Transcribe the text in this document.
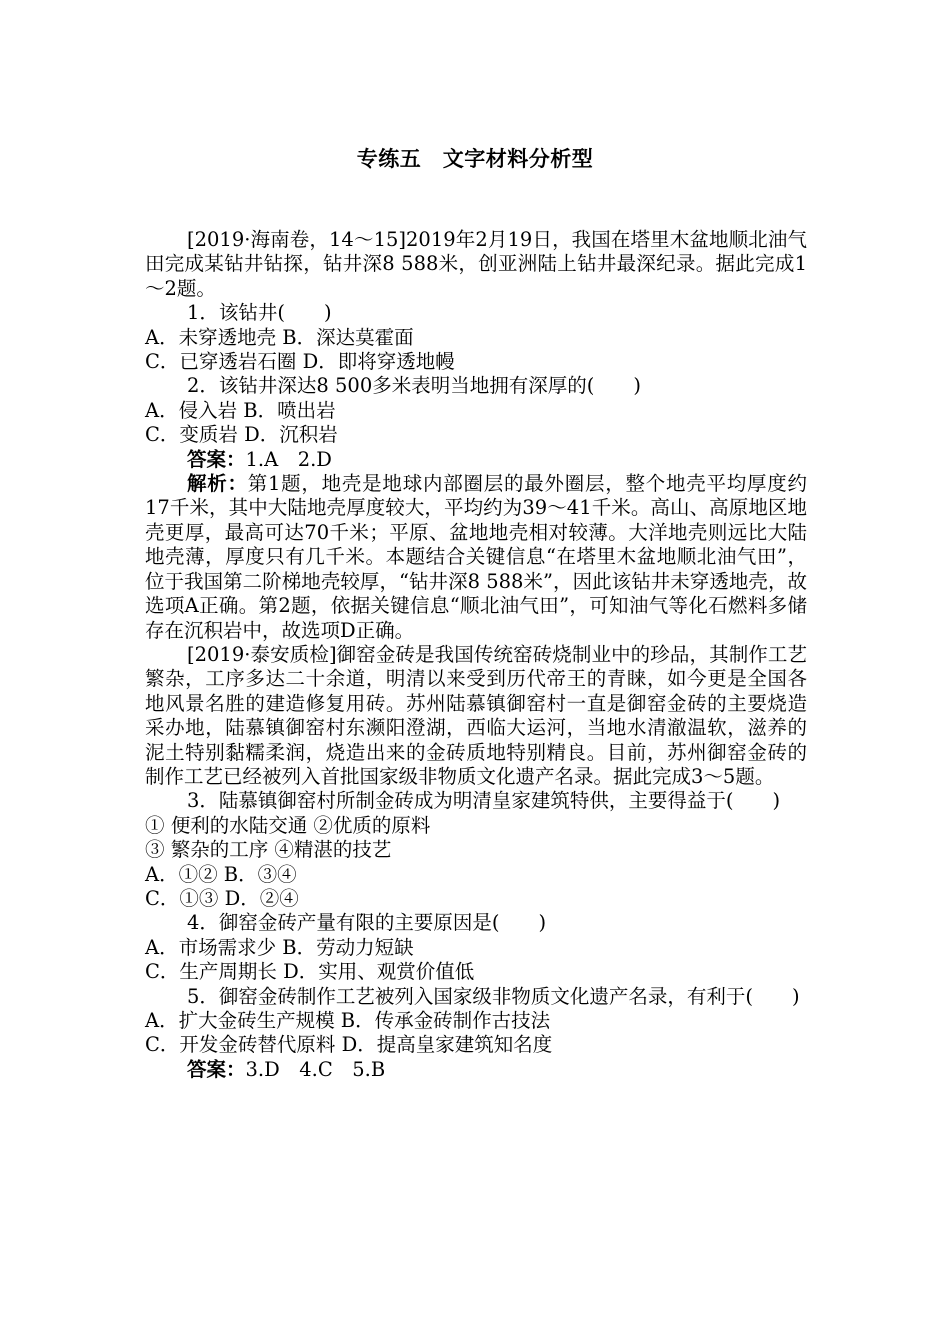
专练五　文字材料分析型

[2019·海南卷，14～15]2019年2月19日，我国在塔里木盆地顺北油气田完成某钻井钻探，钻井深8 588米，创亚洲陆上钻井最深纪录。据此完成1～2题。

1．该钻井(　　)

A．未穿透地壳 B．深达莫霍面

C．已穿透岩石圈 D．即将穿透地幔

2．该钻井深达8 500多米表明当地拥有深厚的(　　)

A．侵入岩 B．喷出岩

C．变质岩 D．沉积岩

答案：1.A　2.D

解析：第1题，地壳是地球内部圈层的最外圈层，整个地壳平均厚度约17千米，其中大陆地壳厚度较大，平均约为39～41千米。高山、高原地区地壳更厚，最高可达70千米；平原、盆地地壳相对较薄。大洋地壳则远比大陆地壳薄，厚度只有几千米。本题结合关键信息“在塔里木盆地顺北油气田”，位于我国第二阶梯地壳较厚，“钻井深8 588米”，因此该钻井未穿透地壳，故选项A正确。第2题，依据关键信息“顺北油气田”，可知油气等化石燃料多储存在沉积岩中，故选项D正确。

[2019·泰安质检]御窑金砖是我国传统窑砖烧制业中的珍品，其制作工艺繁杂，工序多达二十余道，明清以来受到历代帝王的青睐，如今更是全国各地风景名胜的建造修复用砖。苏州陆慕镇御窑村一直是御窑金砖的主要烧造采办地，陆慕镇御窑村东濒阳澄湖，西临大运河，当地水清澈温软，滋养的泥土特别黏糯柔润，烧造出来的金砖质地特别精良。目前，苏州御窑金砖的制作工艺已经被列入首批国家级非物质文化遗产名录。据此完成3～5题。

3．陆慕镇御窑村所制金砖成为明清皇家建筑特供，主要得益于(　　)

① 便利的水陆交通 ②优质的原料

③ 繁杂的工序 ④精湛的技艺

A．①② B．③④

C．①③ D．②④

4．御窑金砖产量有限的主要原因是(　　)

A．市场需求少 B．劳动力短缺

C．生产周期长 D．实用、观赏价值低

5．御窑金砖制作工艺被列入国家级非物质文化遗产名录，有利于(　　)

A．扩大金砖生产规模 B．传承金砖制作古技法

C．开发金砖替代原料 D．提高皇家建筑知名度

答案：3.D　4.C　5.B
